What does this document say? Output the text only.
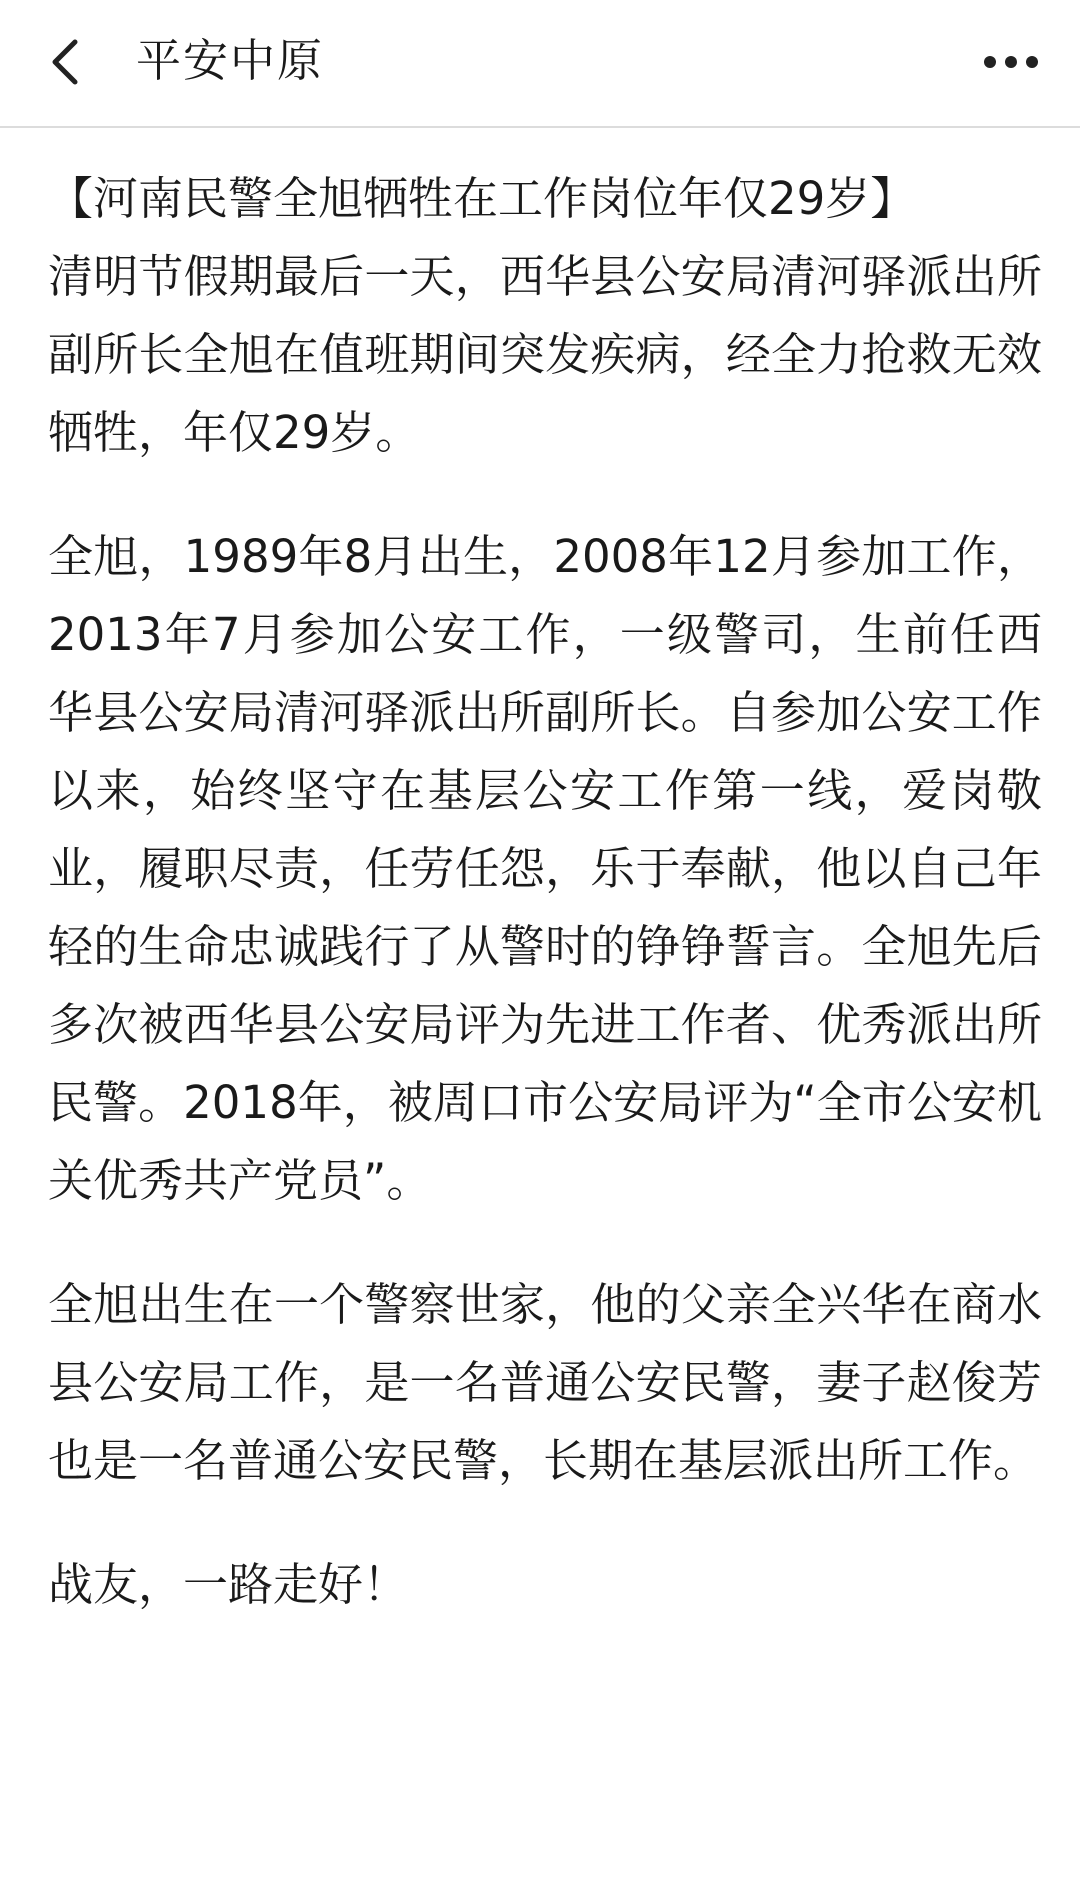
平安中原

【河南民警全旭牺牲在工作岗位年仅29岁】

清明节假期最后一天，西华县公安局清河驿派出所副所长全旭在值班期间突发疾病，经全力抢救无效牺牲，年仅29岁。

全旭，1989年8月出生，2008年12月参加工作，2013年7月参加公安工作，一级警司，生前任西华县公安局清河驿派出所副所长。自参加公安工作以来，始终坚守在基层公安工作第一线，爱岗敬业，履职尽责，任劳任怨，乐于奉献，他以自己年轻的生命忠诚践行了从警时的铮铮誓言。全旭先后多次被西华县公安局评为先进工作者、优秀派出所民警。2018年，被周口市公安局评为“全市公安机关优秀共产党员”。

全旭出生在一个警察世家，他的父亲全兴华在商水县公安局工作，是一名普通公安民警，妻子赵俊芳也是一名普通公安民警，长期在基层派出所工作。

战友，一路走好！
